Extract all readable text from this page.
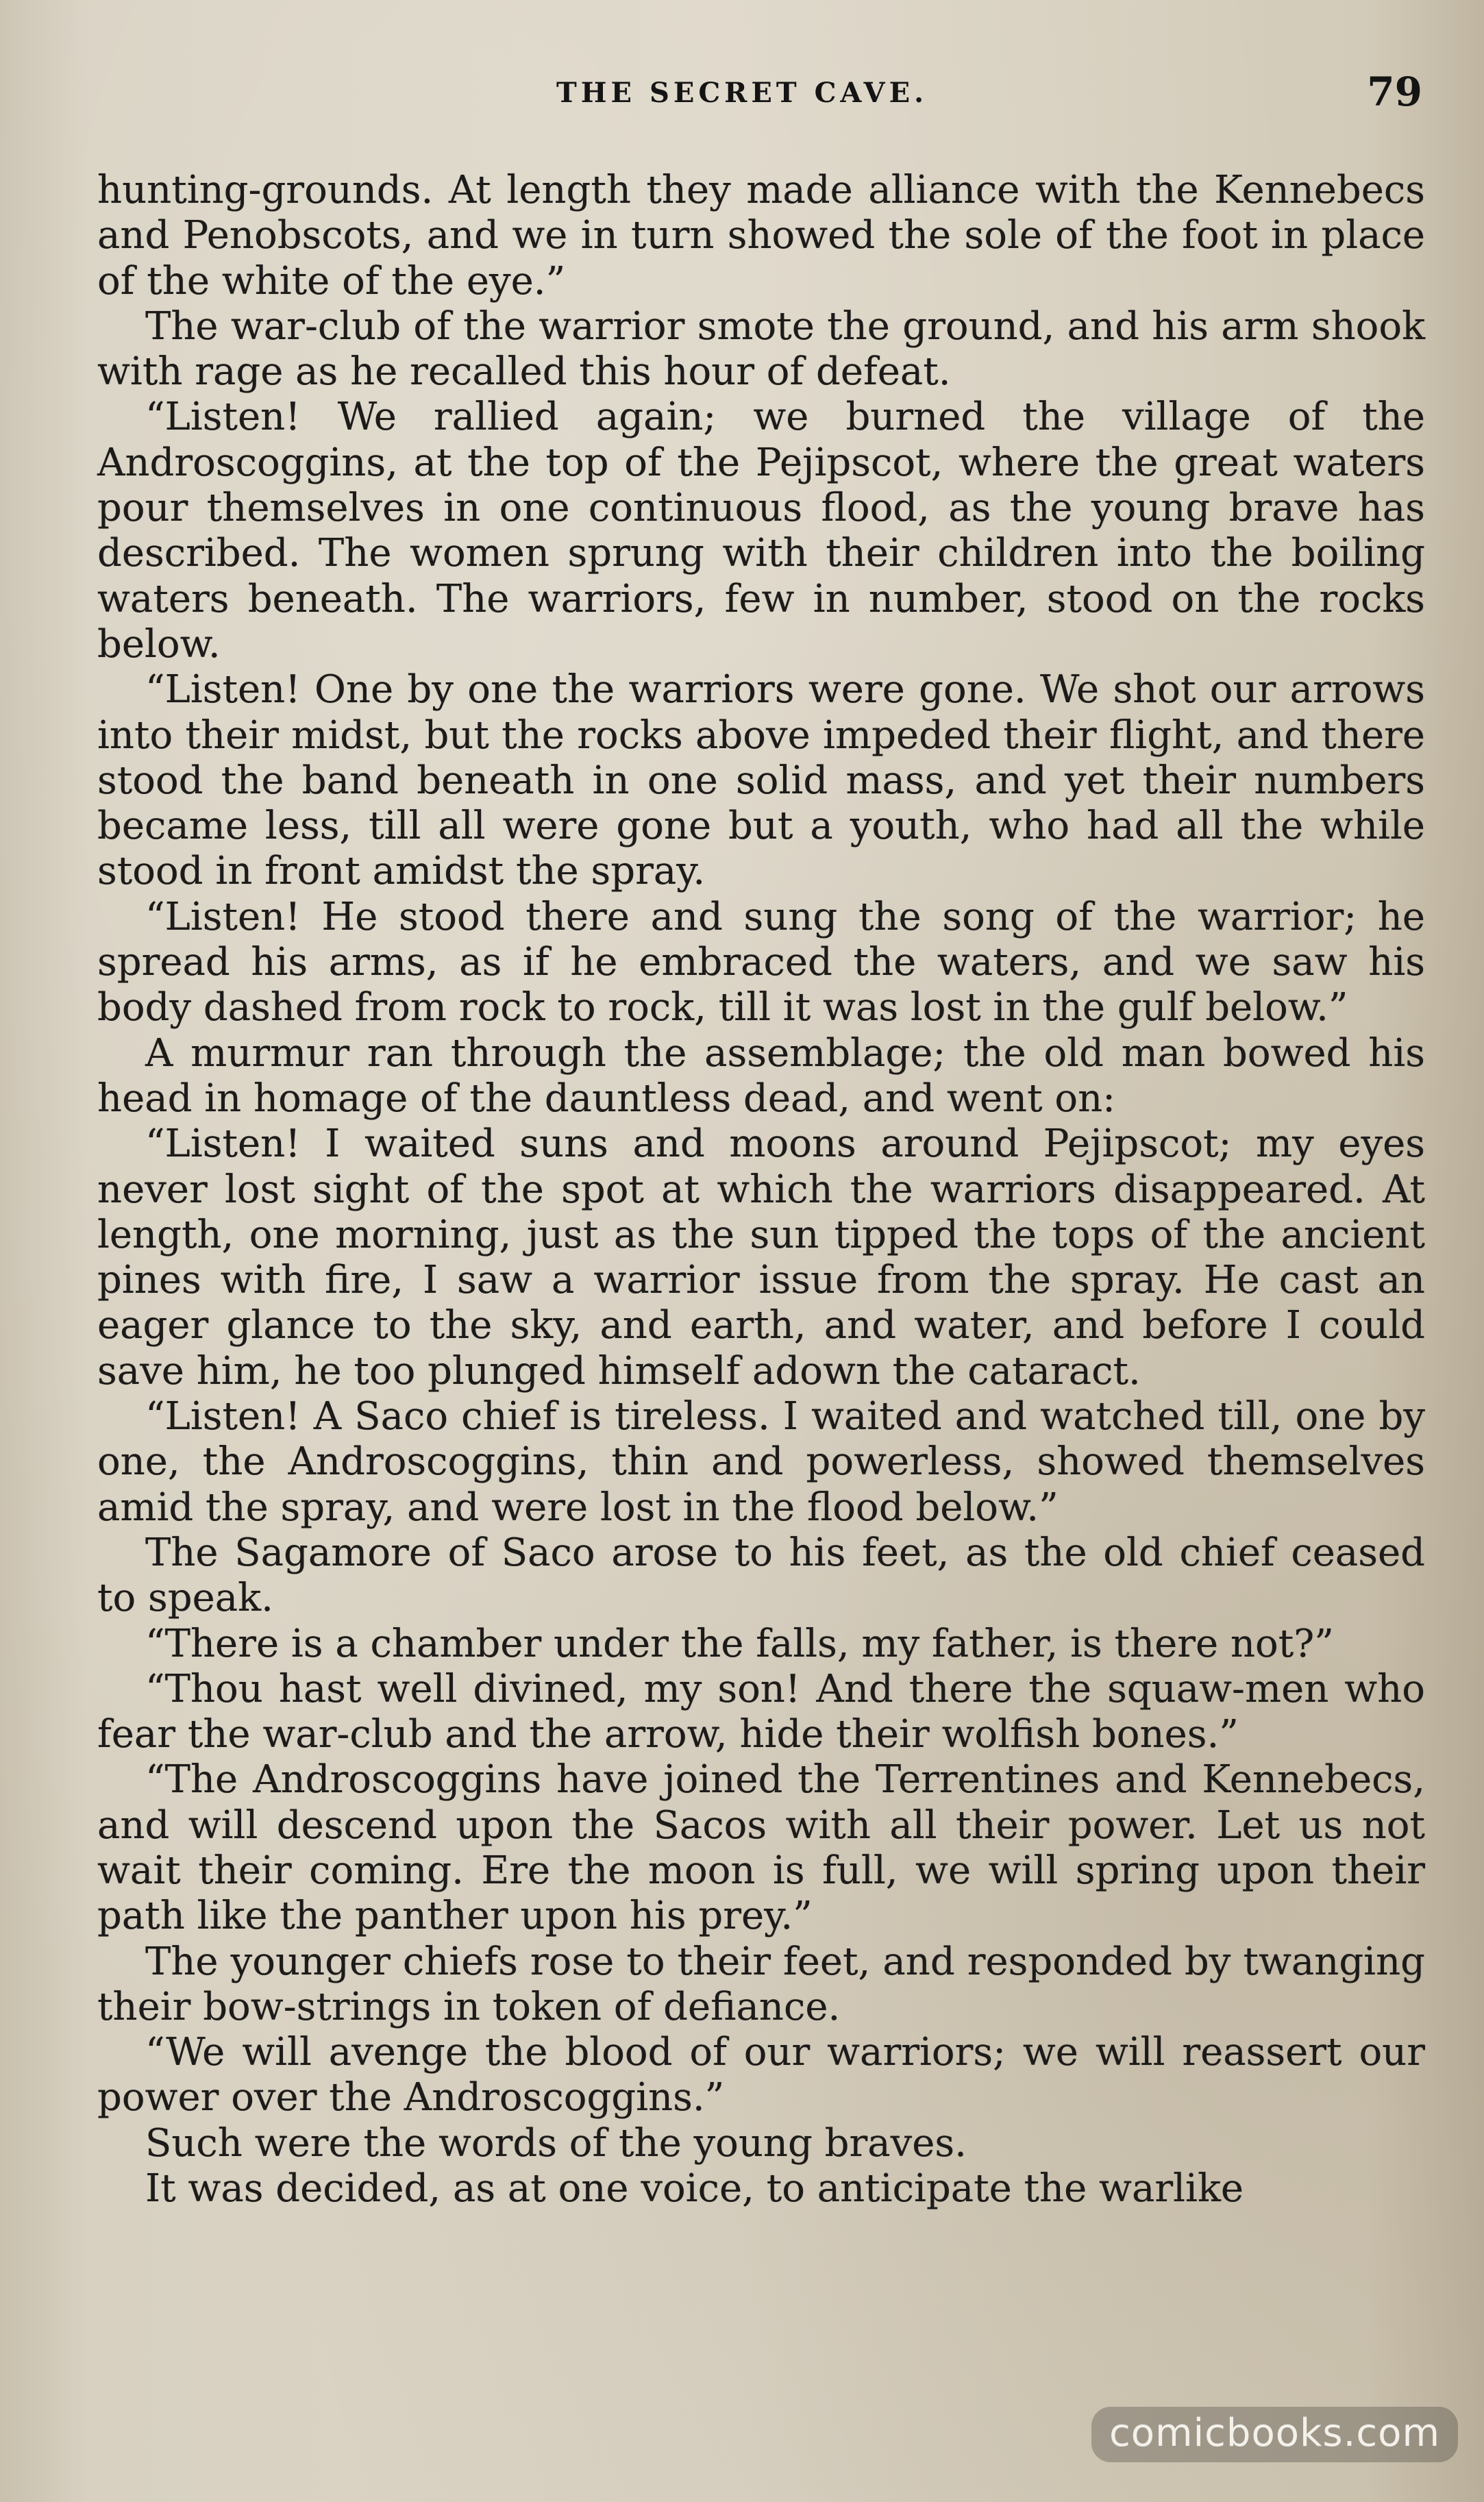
THE SECRET CAVE.	79

hunting-grounds. At length they made alliance with the Kennebecs and Penobscots, and we in turn showed the sole of the foot in place of the white of the eye.”

The war-club of the warrior smote the ground, and his arm shook with rage as he recalled this hour of defeat.

“Listen! We rallied again; we burned the village of the Androscoggins, at the top of the Pejipscot, where the great waters pour themselves in one continuous flood, as the young brave has described. The women sprung with their children into the boiling waters beneath. The warriors, few in number, stood on the rocks below.

“Listen! One by one the warriors were gone. We shot our arrows into their midst, but the rocks above impeded their flight, and there stood the band beneath in one solid mass, and yet their numbers became less, till all were gone but a youth, who had all the while stood in front amidst the spray.

“Listen! He stood there and sung the song of the warrior; he spread his arms, as if he embraced the waters, and we saw his body dashed from rock to rock, till it was lost in the gulf below.”

A murmur ran through the assemblage; the old man bowed his head in homage of the dauntless dead, and went on:

“Listen! I waited suns and moons around Pejipscot; my eyes never lost sight of the spot at which the warriors disappeared. At length, one morning, just as the sun tipped the tops of the ancient pines with fire, I saw a warrior issue from the spray. He cast an eager glance to the sky, and earth, and water, and before I could save him, he too plunged himself adown the cataract.

“Listen! A Saco chief is tireless. I waited and watched till, one by one, the Androscoggins, thin and powerless, showed themselves amid the spray, and were lost in the flood below.”

The Sagamore of Saco arose to his feet, as the old chief ceased to speak.

“There is a chamber under the falls, my father, is there not?”

“Thou hast well divined, my son! And there the squaw-men who fear the war-club and the arrow, hide their wolfish bones.”

“The Androscoggins have joined the Terrentines and Kennebecs, and will descend upon the Sacos with all their power. Let us not wait their coming. Ere the moon is full, we will spring upon their path like the panther upon his prey.”

The younger chiefs rose to their feet, and responded by twanging their bow-strings in token of defiance.

“We will avenge the blood of our warriors; we will reassert our power over the Androscoggins.”

Such were the words of the young braves.

It was decided, as at one voice, to anticipate the warlike

comicbooks.com
